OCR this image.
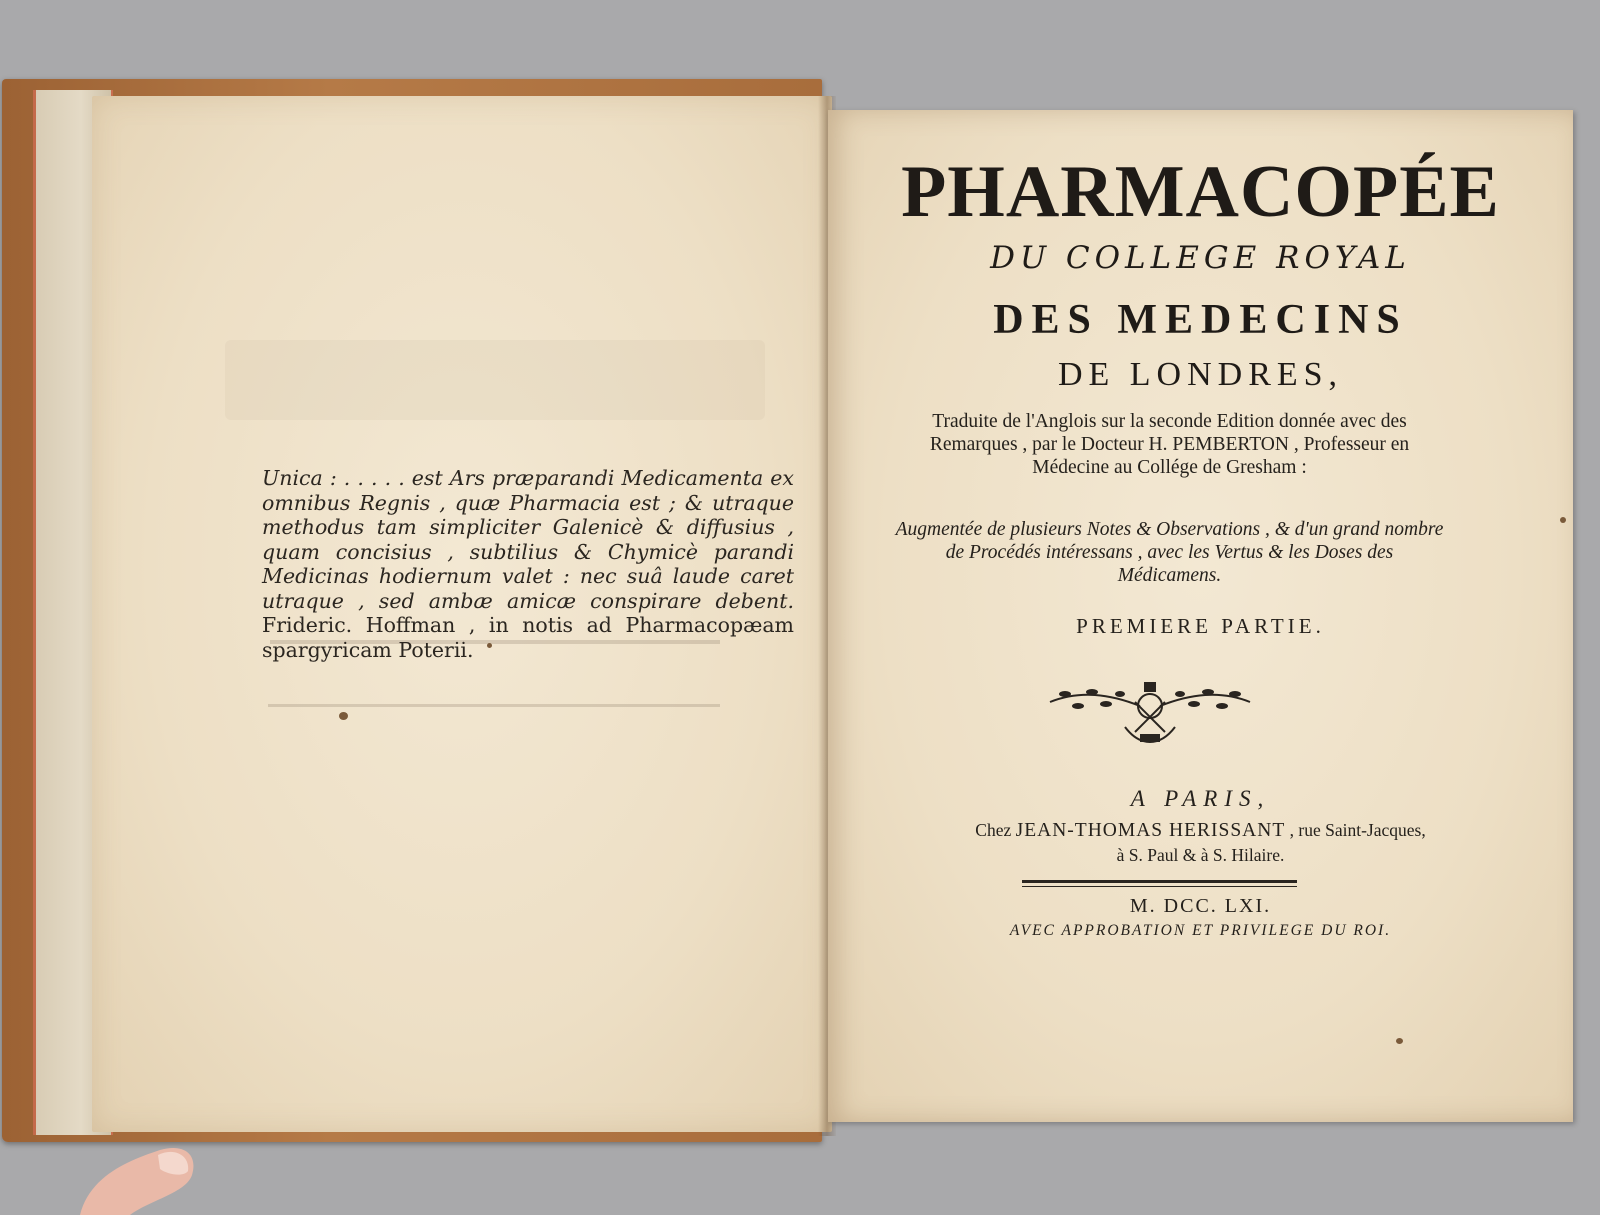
Unica : . . . . . est Ars præparandi Medicamenta ex omnibus Regnis , quæ Pharmacia est ; & utraque methodus tam simpliciter Galenicè & diffusius , quam concisius , subtilius & Chymicè parandi Medicinas hodiernum valet : nec suâ laude caret utraque , sed ambæ amicæ conspirare debent. Frideric. Hoffman , in notis ad Pharmacopæam spargyricam Poterii.
PHARMACOPÉE
DU COLLEGE ROYAL
DES MEDECINS
DE LONDRES,
Traduite de l'Anglois sur la seconde Edition donnée avec des Remarques , par le Docteur H. PEMBERTON , Professeur en Médecine au Collége de Gresham :
Augmentée de plusieurs Notes & Observations , & d'un grand nombre de Procédés intéressans , avec les Vertus & les Doses des Médicamens.
PREMIERE PARTIE.
A PARIS,
Chez JEAN-THOMAS HERISSANT , rue Saint-Jacques,
à S. Paul & à S. Hilaire.
M. DCC. LXI.
AVEC APPROBATION ET PRIVILEGE DU ROI.
